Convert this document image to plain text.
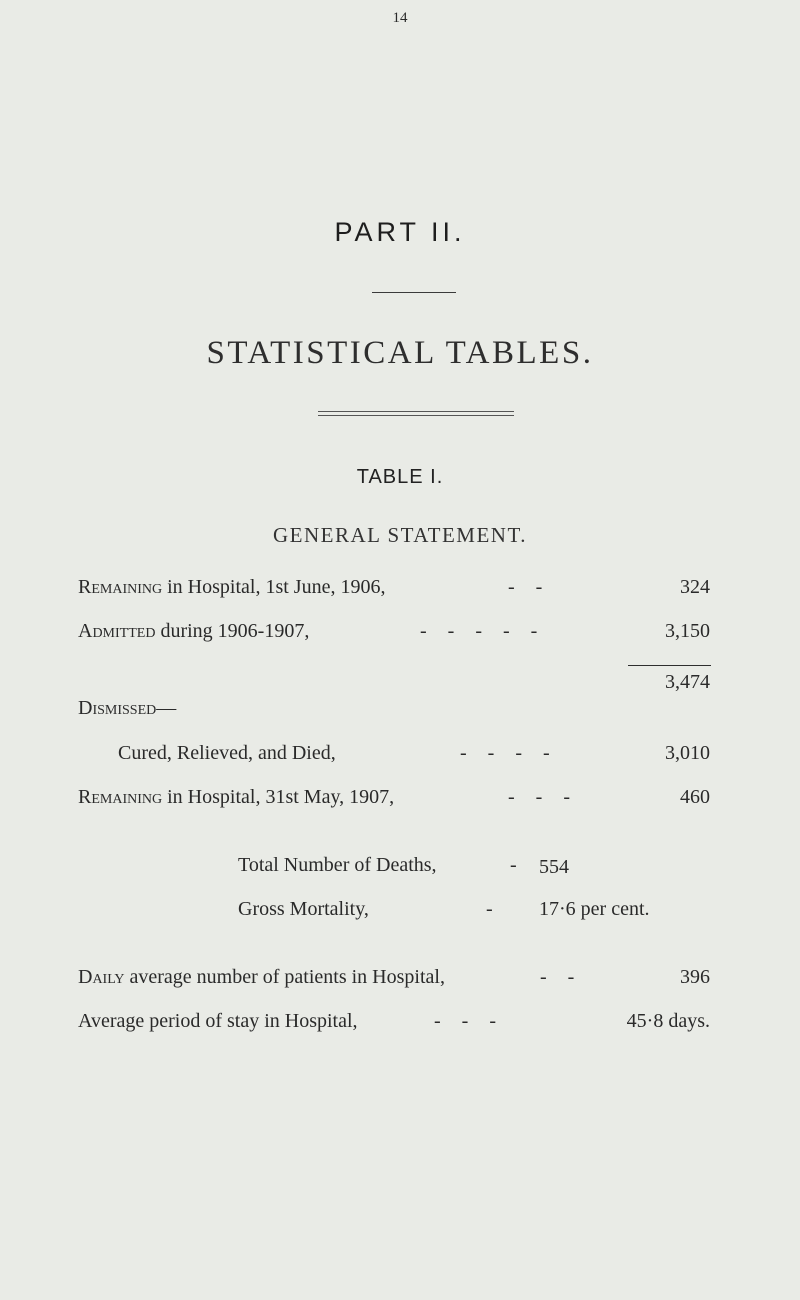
14
PART II.
STATISTICAL TABLES.
TABLE I.
GENERAL STATEMENT.
Remaining in Hospital, 1st June, 1906,	- -	324
Admitted during 1906-1907,	- - - - -	3,150
3,474
Dismissed—
Cured, Relieved, and Died,	- - - -	3,010
Remaining in Hospital, 31st May, 1907,	- - -	460
Total Number of Deaths,	- 554
Gross Mortality,	- 17·6 per cent.
Daily average number of patients in Hospital,	- -	396
Average period of stay in Hospital,	- - -	45·8 days.
